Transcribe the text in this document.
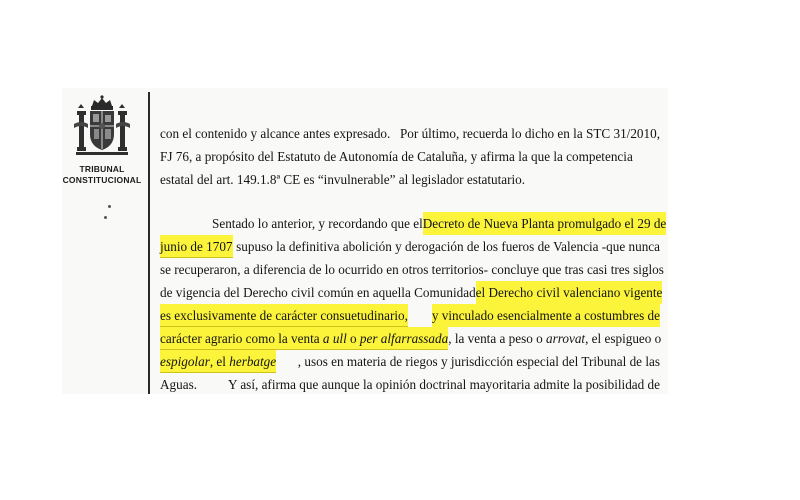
TRIBUNAL
CONSTITUCIONAL
con el contenido y alcance antes expresado. Por último, recuerda lo dicho en la STC 31/2010,
FJ 76, a propósito del Estatuto de Autonomía de Cataluña, y afirma la que la competencia
estatal del art. 149.1.8ª CE es “invulnerable” al legislador estatutario.
Sentado lo anterior, y recordando que el Decreto de Nueva Planta promulgado el 29 de
junio de 1707 supuso la definitiva abolición y derogación de los fueros de Valencia -que nunca
se recuperaron, a diferencia de lo ocurrido en otros territorios- concluye que tras casi tres siglos
de vigencia del Derecho civil común en aquella Comunidad el Derecho civil valenciano vigente
es exclusivamente de carácter consuetudinario, y vinculado esencialmente a costumbres de
carácter agrario como la venta a ull o per alfarrassada , la venta a peso o arrovat, el espigueo o
espigolar, el herbatge , usos en materia de riegos y jurisdicción especial del Tribunal de las
Aguas. Y así, afirma que aunque la opinión doctrinal mayoritaria admite la posibilidad de
